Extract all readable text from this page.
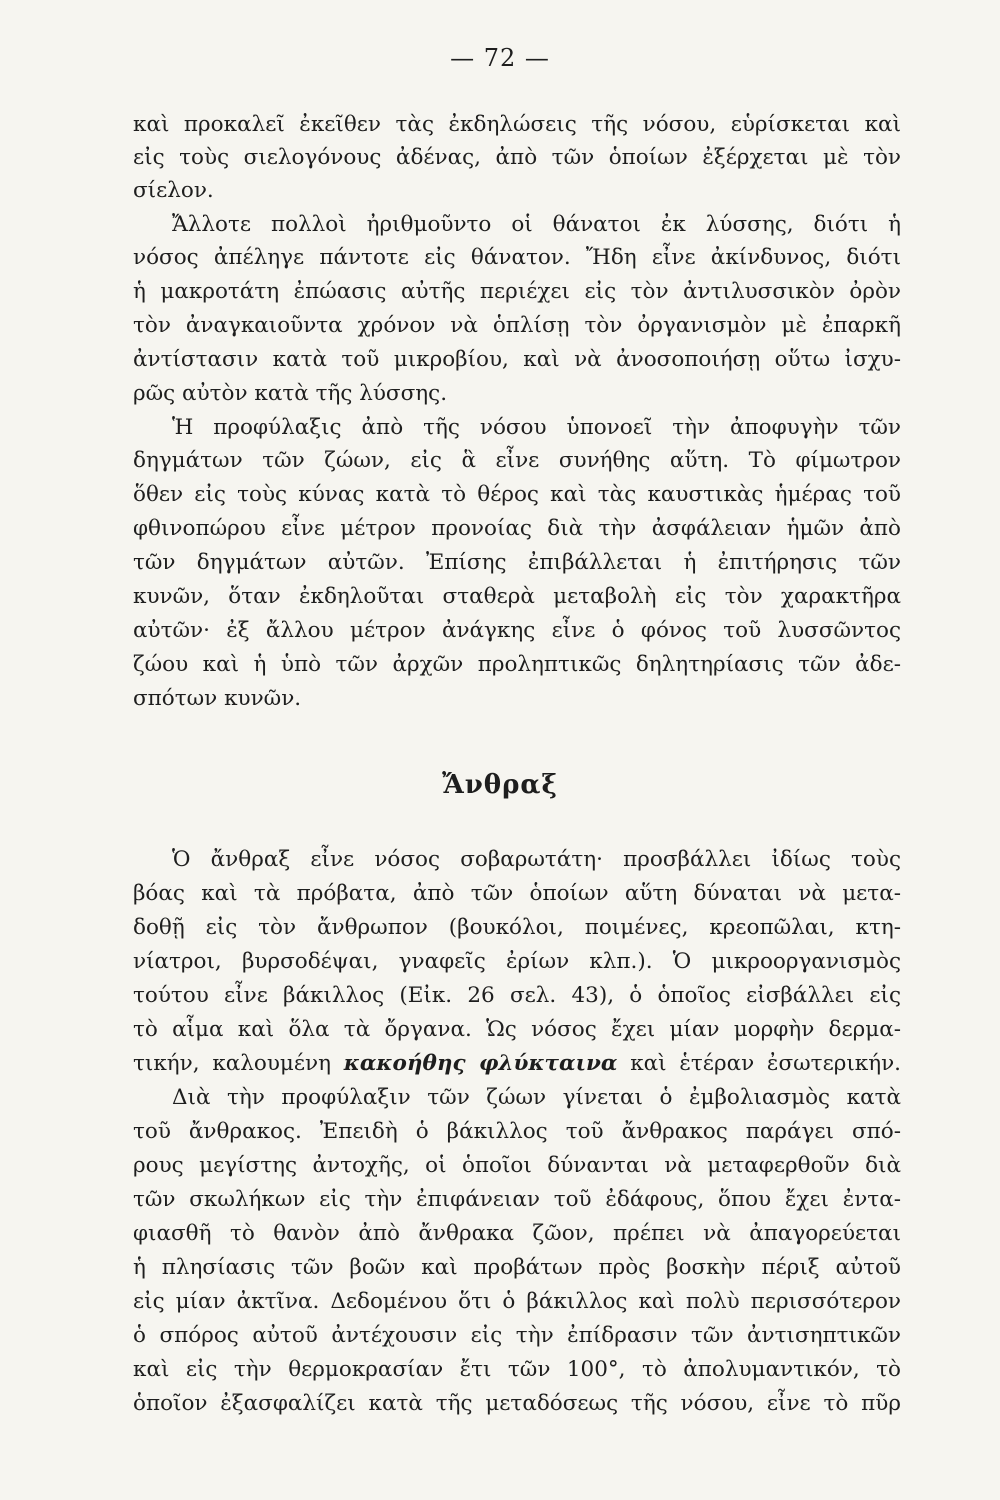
— 72 —
καὶ προκαλεῖ ἐκεῖθεν τὰς ἐκδηλώσεις τῆς νόσου, εὑρίσκεται καὶ
εἰς τοὺς σιελογόνους ἀδένας, ἀπὸ τῶν ὁποίων ἐξέρχεται μὲ τὸν
σίελον.
Ἄλλοτε πολλοὶ ἠριθμοῦντο οἱ θάνατοι ἐκ λύσσης, διότι ἡ
νόσος ἀπέληγε πάντοτε εἰς θάνατον. Ἤδη εἶνε ἀκίνδυνος, διότι
ἡ μακροτάτη ἐπώασις αὐτῆς περιέχει εἰς τὸν ἀντιλυσσικὸν ὀρὸν
τὸν ἀναγκαιοῦντα χρόνον νὰ ὁπλίσῃ τὸν ὀργανισμὸν μὲ ἐπαρκῆ
ἀντίστασιν κατὰ τοῦ μικροβίου, καὶ νὰ ἀνοσοποιήσῃ οὕτω ἰσχυ-
ρῶς αὐτὸν κατὰ τῆς λύσσης.
Ἡ προφύλαξις ἀπὸ τῆς νόσου ὑπονοεῖ τὴν ἀποφυγὴν τῶν
δηγμάτων τῶν ζώων, εἰς ἃ εἶνε συνήθης αὕτη. Τὸ φίμωτρον
ὅθεν εἰς τοὺς κύνας κατὰ τὸ θέρος καὶ τὰς καυστικὰς ἡμέρας τοῦ
φθινοπώρου εἶνε μέτρον προνοίας διὰ τὴν ἀσφάλειαν ἡμῶν ἀπὸ
τῶν δηγμάτων αὐτῶν. Ἐπίσης ἐπιβάλλεται ἡ ἐπιτήρησις τῶν
κυνῶν, ὅταν ἐκδηλοῦται σταθερὰ μεταβολὴ εἰς τὸν χαρακτῆρα
αὐτῶν· ἐξ ἄλλου μέτρον ἀνάγκης εἶνε ὁ φόνος τοῦ λυσσῶντος
ζώου καὶ ἡ ὑπὸ τῶν ἀρχῶν προληπτικῶς δηλητηρίασις τῶν ἀδε-
σπότων κυνῶν.
Ἄνθραξ
Ὁ ἄνθραξ εἶνε νόσος σοβαρωτάτη· προσβάλλει ἰδίως τοὺς
βόας καὶ τὰ πρόβατα, ἀπὸ τῶν ὁποίων αὕτη δύναται νὰ μετα-
δοθῇ εἰς τὸν ἄνθρωπον (βουκόλοι, ποιμένες, κρεοπῶλαι, κτη-
νίατροι, βυρσοδέψαι, γναφεῖς ἐρίων κλπ.). Ὁ μικροοργανισμὸς
τούτου εἶνε βάκιλλος (Εἰκ. 26 σελ. 43), ὁ ὁποῖος εἰσβάλλει εἰς
τὸ αἷμα καὶ ὅλα τὰ ὄργανα. Ὡς νόσος ἔχει μίαν μορφὴν δερμα-
τικήν, καλουμένη κακοήθης φλύκταινα καὶ ἑτέραν ἐσωτερικήν.
Διὰ τὴν προφύλαξιν τῶν ζώων γίνεται ὁ ἐμβολιασμὸς κατὰ
τοῦ ἄνθρακος. Ἐπειδὴ ὁ βάκιλλος τοῦ ἄνθρακος παράγει σπό-
ρους μεγίστης ἀντοχῆς, οἱ ὁποῖοι δύνανται νὰ μεταφερθοῦν διὰ
τῶν σκωλήκων εἰς τὴν ἐπιφάνειαν τοῦ ἐδάφους, ὅπου ἔχει ἐντα-
φιασθῆ τὸ θανὸν ἀπὸ ἄνθρακα ζῶον, πρέπει νὰ ἀπαγορεύεται
ἡ πλησίασις τῶν βοῶν καὶ προβάτων πρὸς βοσκὴν πέριξ αὐτοῦ
εἰς μίαν ἀκτῖνα. Δεδομένου ὅτι ὁ βάκιλλος καὶ πολὺ περισσότερον
ὁ σπόρος αὐτοῦ ἀντέχουσιν εἰς τὴν ἐπίδρασιν τῶν ἀντισηπτικῶν
καὶ εἰς τὴν θερμοκρασίαν ἔτι τῶν 100°, τὸ ἀπολυμαντικόν, τὸ
ὁποῖον ἐξασφαλίζει κατὰ τῆς μεταδόσεως τῆς νόσου, εἶνε τὸ πῦρ
